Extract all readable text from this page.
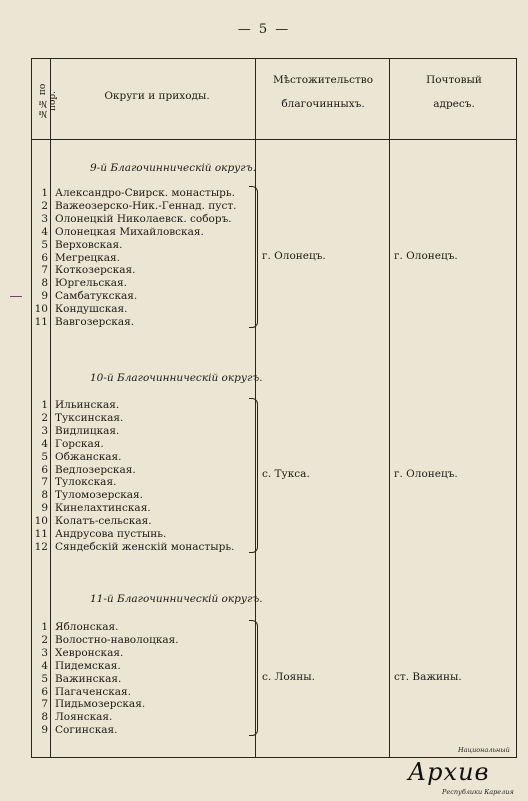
— 5 —
№№ по пор.	Округи и приходы.
Мѣстожительство
благочинныхъ.
Почтовый
адресъ.
9-й Благочинническій округъ.
1 Александро-Свирск. монастырь.
2 Важеозерско-Ник.-Геннад. пуст.
3 Олонецкій Николаевск. соборъ.
4 Олонецкая Михайловская.
5 Верховская.
6 Мегрецкая.
7 Коткозерская.
8 Юргельская.
9 Самбатукская.
10 Кондушская.
11 Вавгозерская.
г. Олонецъ.	г. Олонецъ.
10-й Благочинническій округъ.
1 Ильинская.
2 Туксинская.
3 Видлицкая.
4 Горская.
5 Обжанская.
6 Ведлозерская.
7 Тулокская.
8 Туломозерская.
9 Кинелахтинская.
10 Колатъ-сельская.
11 Андрусова пустынь.
12 Сяндебскій женскій монастырь.
с. Тукса.	г. Олонецъ.
11-й Благочинническій округъ.
1 Яблонская.
2 Волостно-наволоцкая.
3 Хевронская.
4 Пидемская.
5 Важинская.
6 Пагаченская.
7 Пидьмозерская.
8 Лоянская.
9 Согинская.
с. Лояны.	ст. Важины.
Национальный
Архив
Республики Карелия
